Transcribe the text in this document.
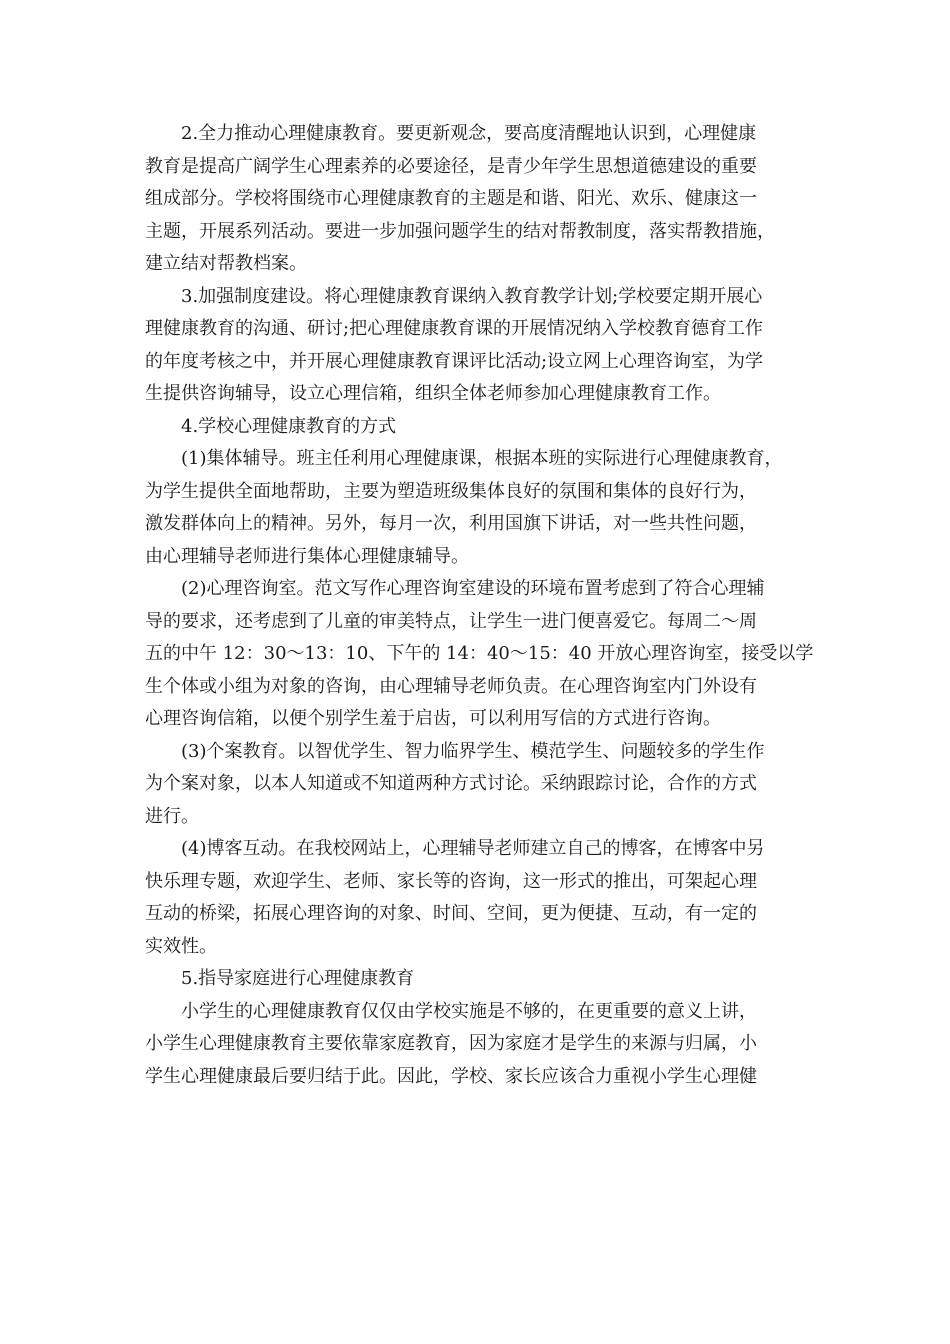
2.全力推动心理健康教育。要更新观念，要高度清醒地认识到，心理健康
教育是提高广阔学生心理素养的必要途径，是青少年学生思想道德建设的重要
组成部分。学校将围绕市心理健康教育的主题是和谐、阳光、欢乐、健康这一
主题，开展系列活动。要进一步加强问题学生的结对帮教制度，落实帮教措施，
建立结对帮教档案。
3.加强制度建设。将心理健康教育课纳入教育教学计划;学校要定期开展心
理健康教育的沟通、研讨;把心理健康教育课的开展情况纳入学校教育德育工作
的年度考核之中，并开展心理健康教育课评比活动;设立网上心理咨询室，为学
生提供咨询辅导，设立心理信箱，组织全体老师参加心理健康教育工作。
4.学校心理健康教育的方式
(1)集体辅导。班主任利用心理健康课，根据本班的实际进行心理健康教育，
为学生提供全面地帮助，主要为塑造班级集体良好的氛围和集体的良好行为，
激发群体向上的精神。另外，每月一次，利用国旗下讲话，对一些共性问题，
由心理辅导老师进行集体心理健康辅导。
(2)心理咨询室。范文写作心理咨询室建设的环境布置考虑到了符合心理辅
导的要求，还考虑到了儿童的审美特点，让学生一进门便喜爱它。每周二～周
五的中午 12：30～13：10、下午的 14：40～15：40 开放心理咨询室，接受以学
生个体或小组为对象的咨询，由心理辅导老师负责。在心理咨询室内门外设有
心理咨询信箱，以便个别学生羞于启齿，可以利用写信的方式进行咨询。
(3)个案教育。以智优学生、智力临界学生、模范学生、问题较多的学生作
为个案对象，以本人知道或不知道两种方式讨论。采纳跟踪讨论，合作的方式
进行。
(4)博客互动。在我校网站上，心理辅导老师建立自己的博客，在博客中另
快乐理专题，欢迎学生、老师、家长等的咨询，这一形式的推出，可架起心理
互动的桥梁，拓展心理咨询的对象、时间、空间，更为便捷、互动，有一定的
实效性。
5.指导家庭进行心理健康教育
小学生的心理健康教育仅仅由学校实施是不够的，在更重要的意义上讲，
小学生心理健康教育主要依靠家庭教育，因为家庭才是学生的来源与归属，小
学生心理健康最后要归结于此。因此，学校、家长应该合力重视小学生心理健
